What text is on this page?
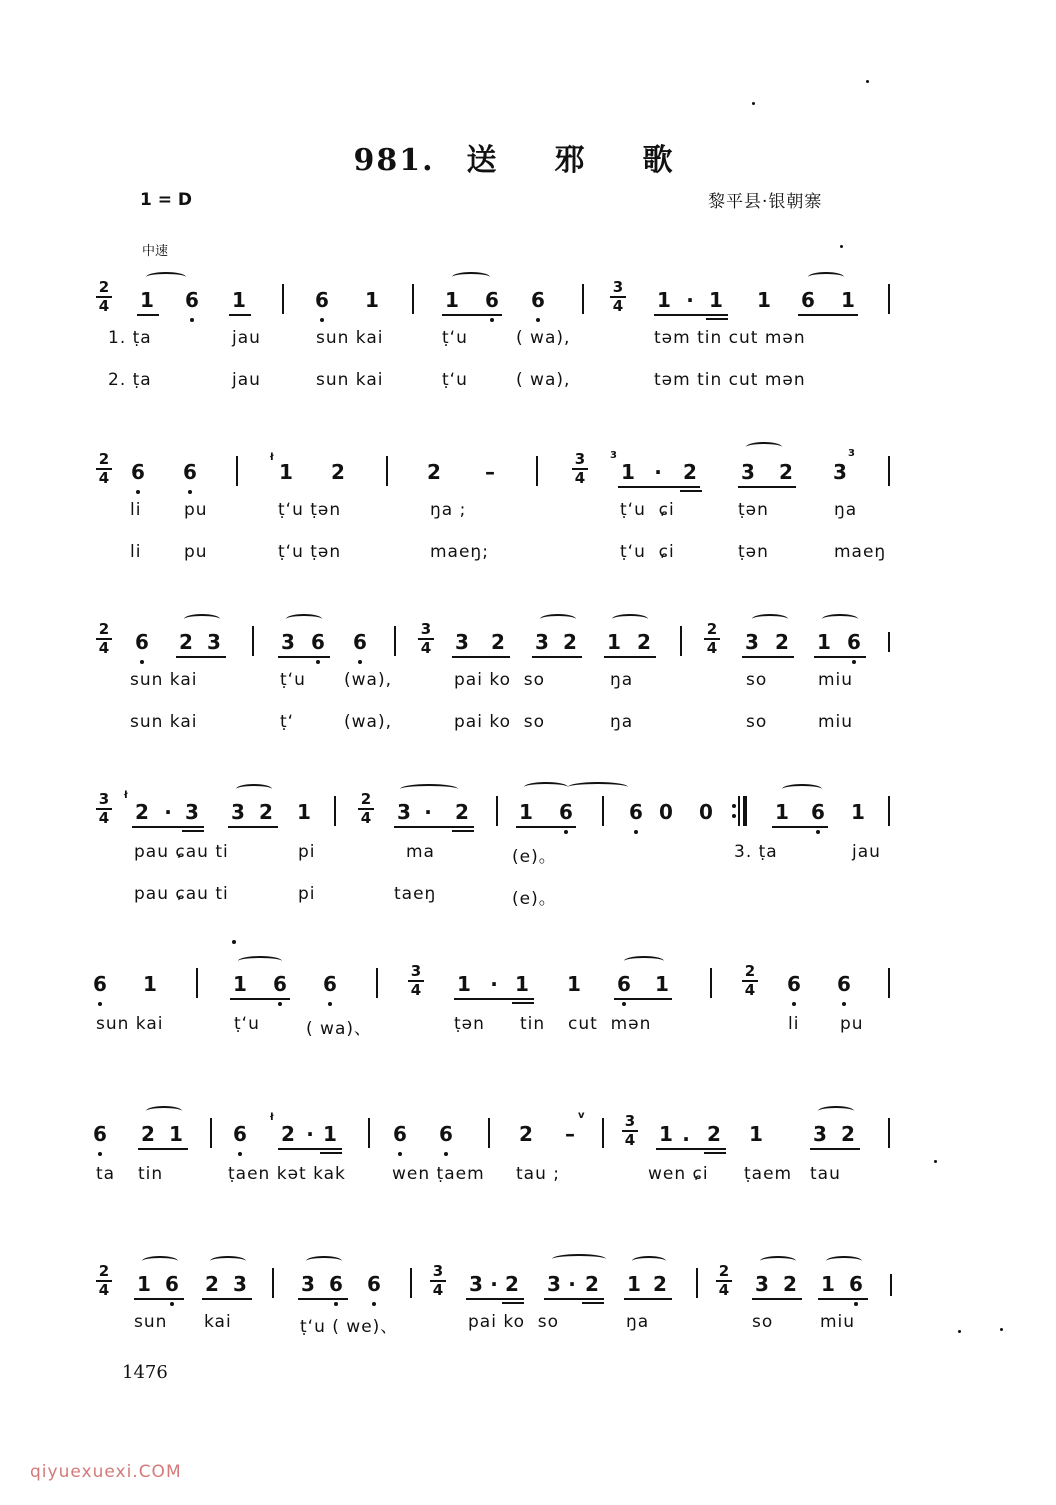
981. 送 邪 歌
1 = D	黎平县·银朝寨
中速
2
4 1 6 1	6 1	1 6 6
3
4 1 · 1 1 6 1
1. ṭa	jau	sun kai	ṭ‘u	( wa),	təm tin cut mən
2. ṭa	jau	sun kai	ṭ‘u	( wa),	təm tin cut mən
2
4 6 6
ł
1 2	2 –
3
4
3
1 ·	2 3 2 3
3
li	pu	ṭ‘u ṭən	ŋa ;	ṭ‘u  ɕi	ṭən	ŋa
li	pu	ṭ‘u ṭən	maeŋ;	ṭ‘u  ɕi	ṭən	maeŋ
2
4 6 2 3	3 6 6
3
4 3 2 3 2 1 2
2
4 3 2 1 6
sun kai	ṭ‘u (wa),	pai ko  so	ŋa	so	miu
sun kai	ṭ‘	(wa),	pai ko  so	ŋa	so	miu
3
4
ł
2 · 3 3 2 1
2
4 3 ·	2	1 6	6 0 0	1 6 1
pau ɕau ti	pi	ma	(e)。	3. ṭa	jau
pau ɕau ti	pi	taeŋ	(e)。
6 1	1 6 6
3
4 1 · 1 1 6 1
2
4 6 6
sun kai	ṭ‘u	( wa)、	ṭən tin cut  mən	li pu
6 2 1	6
ł
2 · 1	6 6	2 –
v	3
4 1 . 2 1	3 2
ta tin	ṭaen kət kak	wen ṭaem tau ;	wen ɕi ṭaem tau
2
4 1 6 2 3	3 6 6
3
4 3 · 2 3 · 2 1 2
2
4 3 2 1 6
sun kai	ṭ‘u ( we)、	pai ko  so	ŋa	so	miu
1476
qiyuexuexi.COM
